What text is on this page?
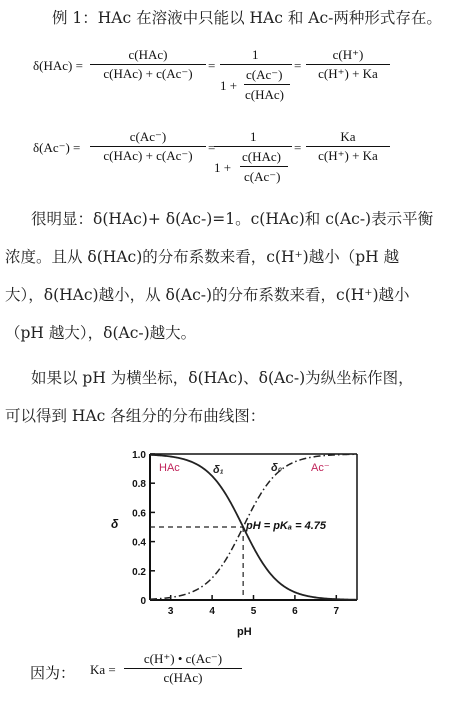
例 1：HAc 在溶液中只能以 HAc 和 Ac-两种形式存在。
δ(HAc) =
c(HAc)
c(HAc) + c(Ac⁻)
=
1
1 +
c(Ac⁻)
c(HAc)
=
c(H⁺)
c(H⁺) + Ka
δ(Ac⁻) =
c(Ac⁻)
c(HAc) + c(Ac⁻)
=
1
1 +
c(HAc)
c(Ac⁻)
=
Ka
c(H⁺) + Ka
很明显：δ(HAc)+ δ(Ac-)=1。c(HAc)和 c(Ac-)表示平衡
浓度。且从 δ(HAc)的分布系数来看，c(H⁺)越小（pH 越
大），δ(HAc)越小，从 δ(Ac-)的分布系数来看，c(H⁺)越小
（pH 越大），δ(Ac-)越大。
如果以 pH 为横坐标，δ(HAc)、δ(Ac-)为纵坐标作图，
可以得到 HAc 各组分的分布曲线图：
0
0.2
0.4
0.6
0.8
1.0
3	4	5	6	7
HAc	Ac⁻
δ₁	δ₀
pH = pKₐ = 4.75
pH
δ
因为： Ka =
c(H⁺) • c(Ac⁻)
c(HAc)
